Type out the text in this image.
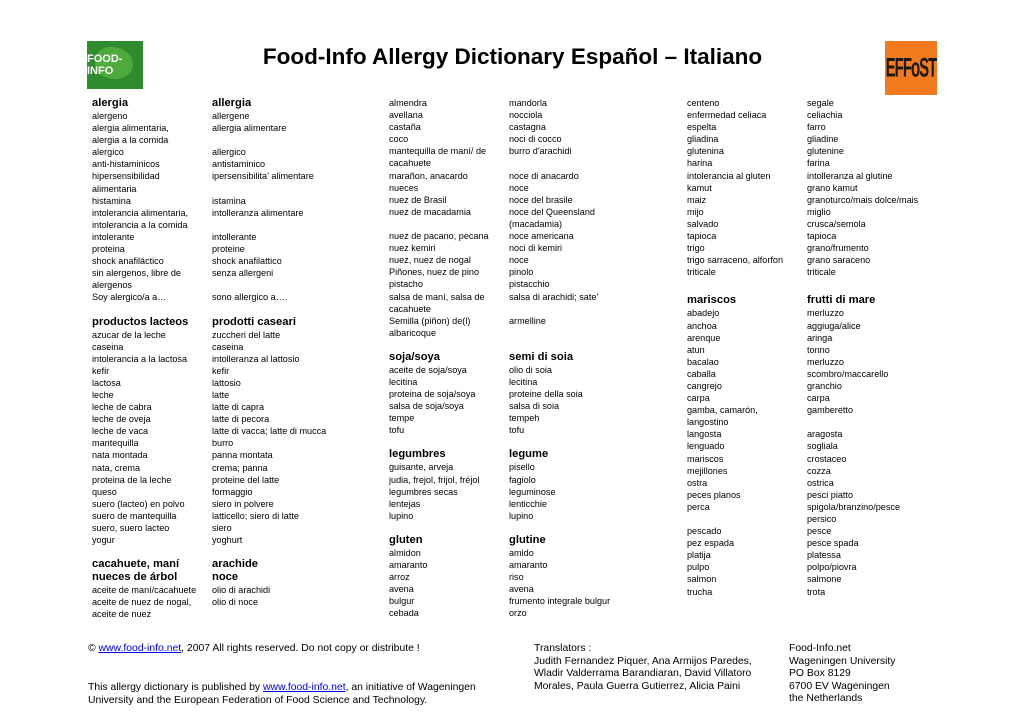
FOOD-INFO
Food-Info Allergy Dictionary Español – Italiano	EFFoST
alergia
alergeno
alergia alimentaria,
alergia a la comida
alergico
anti-histaminicos
hipersensibilidad
alimentaria
histamina
intolerancia alimentaria,
intolerancia a la comida
intolerante
proteina
shock anafiláctico
sin alergenos, libre de
alergenos
Soy alergico/a a…
productos lacteos
azucar de la leche
caseina
intolerancia a la lactosa
kefir
lactosa
leche
leche de cabra
leche de oveja
leche de vaca
mantequilla
nata montada
nata, crema
proteina de la leche
queso
suero (lacteo) en polvo
suero de mantequilla
suero, suero lacteo
yogur
cacahuete, maní
nueces de árbol
aceite de maní/cacahuete
aceite de nuez de nogal,
aceite de nuez
allergia
allergene
allergia alimentare

allergico
antistaminico
ipersensibilita' alimentare

istamina
intolleranza alimentare

intollerante
proteine
shock anafilattico
senza allergeni

sono allergico a….
prodotti caseari
zuccheri del latte
caseina
intolleranza al lattosio
kefir
lattosio
latte
latte di capra
latte di pecora
latte di vacca; latte di mucca
burro
panna montata
crema; panna
proteine del latte
formaggio
siero in polvere
latticello; siero di latte
siero
yoghurt
arachide
noce
olio di arachidi
olio di noce
almendra
avellana
castaña
coco
mantequilla de maní/ de
cacahuete
marañon, anacardo
nueces
nuez de Brasil
nuez de macadamia

nuez de pacano, pecana
nuez kemiri
nuez, nuez de nogal
Piñones, nuez de pino
pistacho
salsa de maní, salsa de
cacahuete
Semilla (piñon) de(l)
albaricoque
soja/soya
aceite de soja/soya
lecitina
proteina de soja/soya
salsa de soja/soya
tempe
tofu
legumbres
guisante, arveja
judia, frejol, frijol, fréjol
legumbres secas
lentejas
lupino
gluten
almidon
amaranto
arroz
avena
bulgur
cebada
mandorla
nocciola
castagna
noci di cocco
burro d'arachidi

noce di anacardo
noce
noce del brasile
noce del Queensland
(macadamia)
noce americana
noci di kemiri
noce
pinolo
pistacchio
salsa di arachidi; sate'

armelline

semi di soia
olio di soia
lecitina
proteine della soia
salsa di soia
tempeh
tofu
legume
pisello
fagiolo
leguminose
lenticchie
lupino
glutine
amido
amaranto
riso
avena
frumento integrale bulgur
orzo
centeno
enfermedad celiaca
espelta
gliadina
glutenina
harina
intolerancia al gluten
kamut
maiz
mijo
salvado
tapioca
trigo
trigo sarraceno, alforfon
triticale
mariscos
abadejo
anchoa
arenque
atun
bacalao
caballa
cangrejo
carpa
gamba, camarón,
langostino
langosta
lenguado
mariscos
mejillones
ostra
peces planos
perca

pescado
pez espada
platija
pulpo
salmon
trucha
segale
celiachia
farro
gliadine
glutenine
farina
intolleranza al glutine
grano kamut
granoturco/mais dolce/mais
miglio
crusca/semola
tapioca
grano/frumento
grano saraceno
triticale
frutti di mare
merluzzo
aggiuga/alice
aringa
tonno
merluzzo
scombro/maccarello
granchio
carpa
gamberetto

aragosta
sogliala
crostaceo
cozza
ostrica
pesci piatto
spigola/branzino/pesce
persico
pesce
pesce spada
platessa
polpo/piovra
salmone
trota
© www.food-info.net, 2007 All rights reserved. Do not copy or distribute !
This allergy dictionary is published by www.food-info.net, an initiative of Wageningen
University and the European Federation of Food Science and Technology.
Translators :
Judith Fernandez Piquer, Ana Armijos Paredes,
Wladir Valderrama Barandiaran, David Villatoro
Morales, Paula Guerra Gutierrez, Alicia Paini
Food-Info.net
Wageningen University
PO Box 8129
6700 EV Wageningen
the Netherlands
